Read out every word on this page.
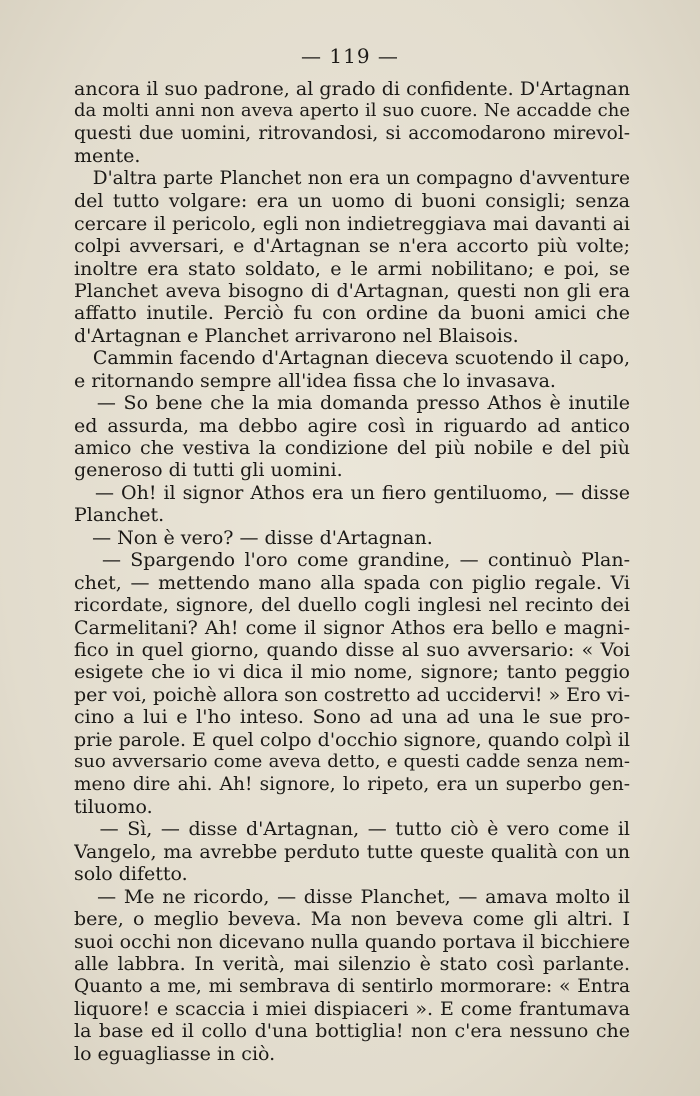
— 119 —
ancora il suo padrone, al grado di confidente. D'Artagnan
da molti anni non aveva aperto il suo cuore. Ne accadde che
questi due uomini, ritrovandosi, si accomodarono mirevol-
mente.
D'altra parte Planchet non era un compagno d'avventure
del tutto volgare: era un uomo di buoni consigli; senza
cercare il pericolo, egli non indietreggiava mai davanti ai
colpi avversari, e d'Artagnan se n'era accorto più volte;
inoltre era stato soldato, e le armi nobilitano; e poi, se
Planchet aveva bisogno di d'Artagnan, questi non gli era
affatto inutile. Perciò fu con ordine da buoni amici che
d'Artagnan e Planchet arrivarono nel Blaisois.
Cammin facendo d'Artagnan dieceva scuotendo il capo,
e ritornando sempre all'idea fissa che lo invasava.
— So bene che la mia domanda presso Athos è inutile
ed assurda, ma debbo agire così in riguardo ad antico
amico che vestiva la condizione del più nobile e del più
generoso di tutti gli uomini.
— Oh! il signor Athos era un fiero gentiluomo, — disse
Planchet.
— Non è vero? — disse d'Artagnan.
— Spargendo l'oro come grandine, — continuò Plan-
chet, — mettendo mano alla spada con piglio regale. Vi
ricordate, signore, del duello cogli inglesi nel recinto dei
Carmelitani? Ah! come il signor Athos era bello e magni-
fico in quel giorno, quando disse al suo avversario: « Voi
esigete che io vi dica il mio nome, signore; tanto peggio
per voi, poichè allora son costretto ad uccidervi! » Ero vi-
cino a lui e l'ho inteso. Sono ad una ad una le sue pro-
prie parole. E quel colpo d'occhio signore, quando colpì il
suo avversario come aveva detto, e questi cadde senza nem-
meno dire ahi. Ah! signore, lo ripeto, era un superbo gen-
tiluomo.
— Sì, — disse d'Artagnan, — tutto ciò è vero come il
Vangelo, ma avrebbe perduto tutte queste qualità con un
solo difetto.
— Me ne ricordo, — disse Planchet, — amava molto il
bere, o meglio beveva. Ma non beveva come gli altri. I
suoi occhi non dicevano nulla quando portava il bicchiere
alle labbra. In verità, mai silenzio è stato così parlante.
Quanto a me, mi sembrava di sentirlo mormorare: « Entra
liquore! e scaccia i miei dispiaceri ». E come frantumava
la base ed il collo d'una bottiglia! non c'era nessuno che
lo eguagliasse in ciò.
